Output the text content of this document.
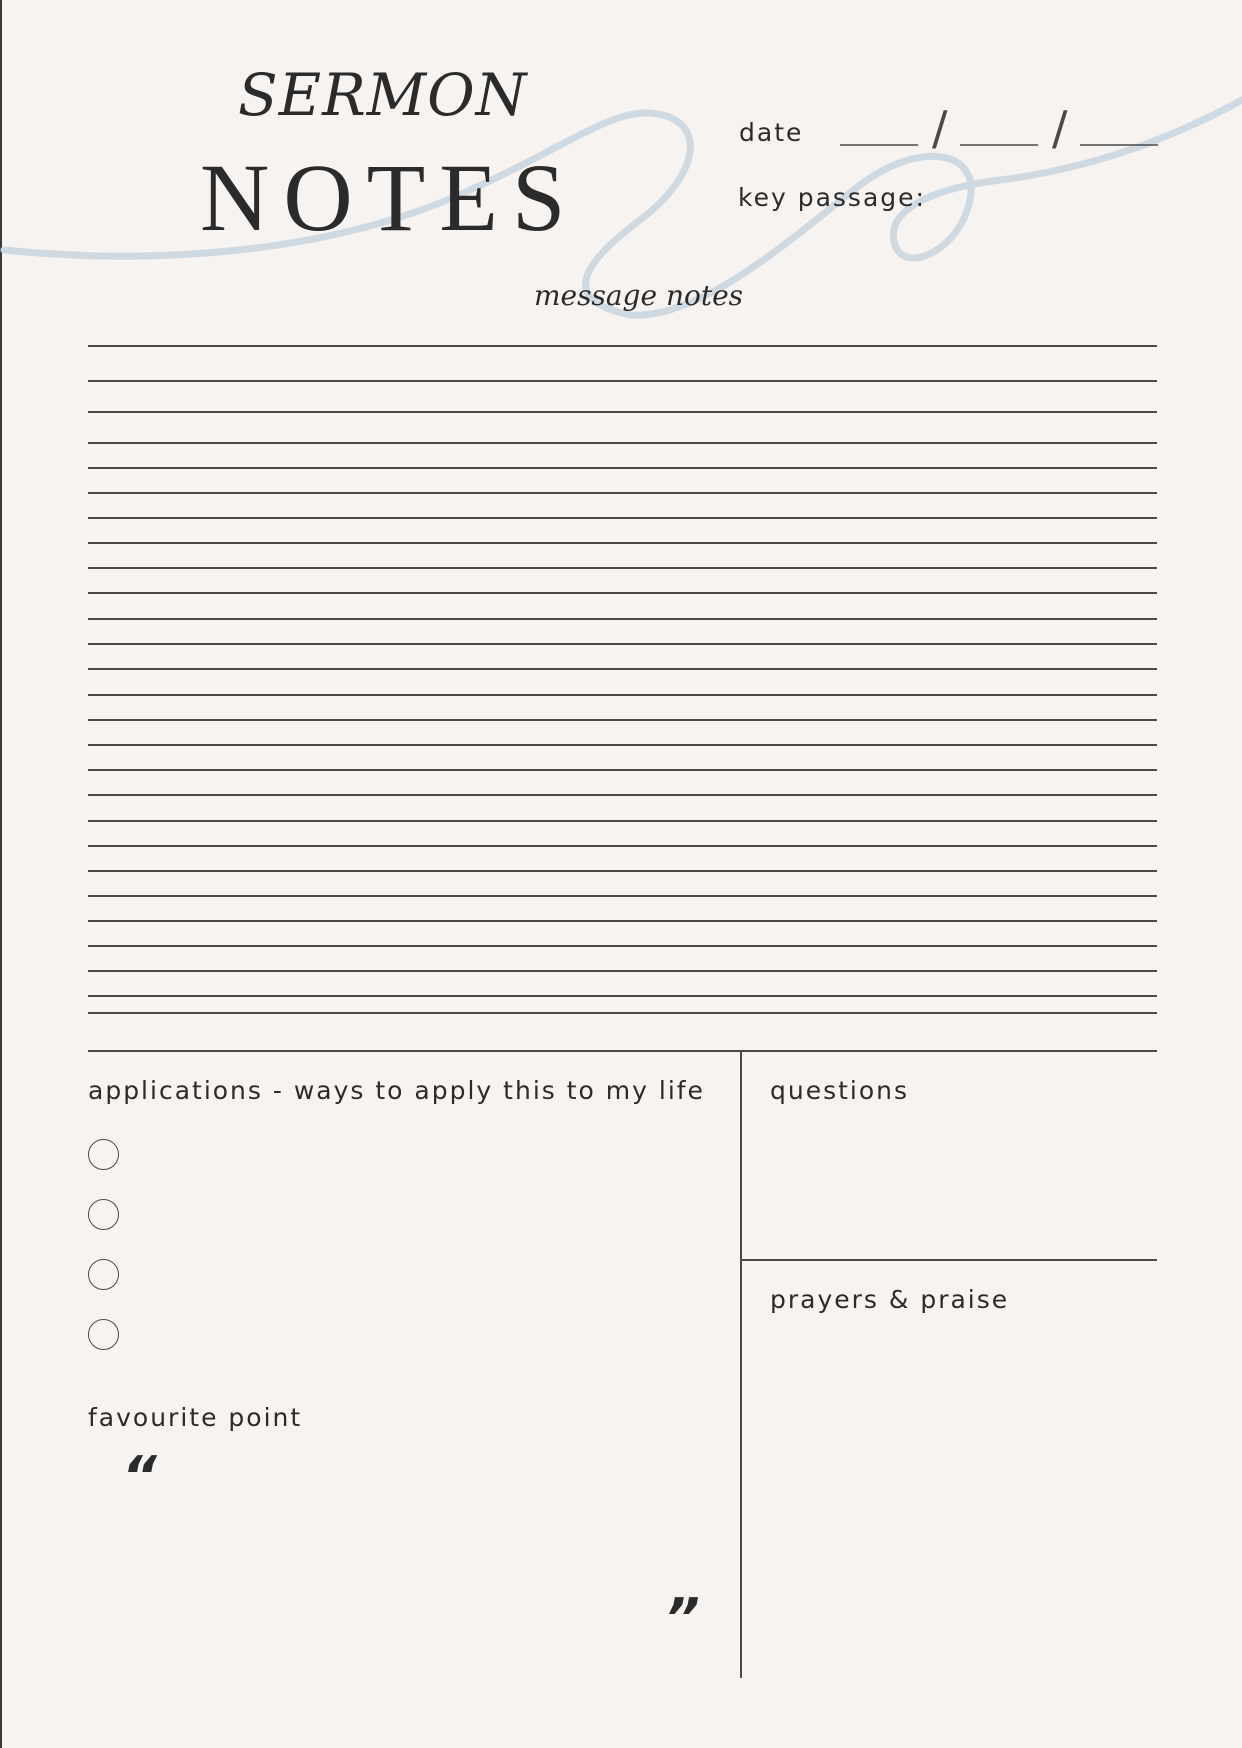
SERMON
NOTES
date	/ /
key passage:
message notes
applications - ways to apply this to my life
favourite point
“
”
questions
prayers & praise
